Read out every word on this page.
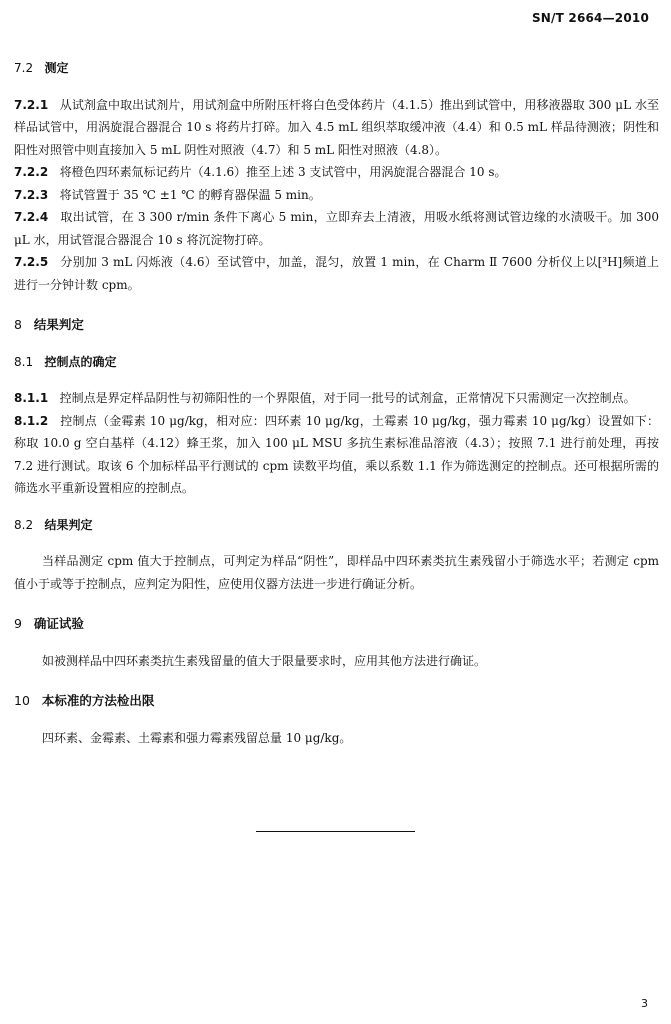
SN/T 2664—2010
7.2 测定

7.2.1 从试剂盒中取出试剂片，用试剂盒中所附压杆将白色受体药片（4.1.5）推出到试管中，用移液器取 300 μL 水至样品试管中，用涡旋混合器混合 10 s 将药片打碎。加入 4.5 mL 组织萃取缓冲液（4.4）和 0.5 mL 样品待测液；阴性和阳性对照管中则直接加入 5 mL 阴性对照液（4.7）和 5 mL 阳性对照液（4.8）。

7.2.2 将橙色四环素氚标记药片（4.1.6）推至上述 3 支试管中，用涡旋混合器混合 10 s。

7.2.3 将试管置于 35 ℃ ±1 ℃ 的孵育器保温 5 min。

7.2.4 取出试管，在 3 300 r/min 条件下离心 5 min，立即弃去上清液，用吸水纸将测试管边缘的水渍吸干。加 300 μL 水，用试管混合器混合 10 s 将沉淀物打碎。

7.2.5 分别加 3 mL 闪烁液（4.6）至试管中，加盖，混匀，放置 1 min，在 Charm Ⅱ 7600 分析仪上以[³H]频道上进行一分钟计数 cpm。

8 结果判定
8.1 控制点的确定

8.1.1 控制点是界定样品阴性与初筛阳性的一个界限值，对于同一批号的试剂盒，正常情况下只需测定一次控制点。

8.1.2 控制点（金霉素 10 μg/kg，相对应：四环素 10 μg/kg，土霉素 10 μg/kg，强力霉素 10 μg/kg）设置如下：称取 10.0 g 空白基样（4.12）蜂王浆，加入 100 μL MSU 多抗生素标准品溶液（4.3）；按照 7.1 进行前处理，再按 7.2 进行测试。取该 6 个加标样品平行测试的 cpm 读数平均值，乘以系数 1.1 作为筛选测定的控制点。还可根据所需的筛选水平重新设置相应的控制点。

8.2 结果判定

当样品测定 cpm 值大于控制点，可判定为样品“阴性”，即样品中四环素类抗生素残留小于筛选水平；若测定 cpm 值小于或等于控制点，应判定为阳性，应使用仪器方法进一步进行确证分析。

9 确证试验

如被测样品中四环素类抗生素残留量的值大于限量要求时，应用其他方法进行确证。

10 本标准的方法检出限

四环素、金霉素、土霉素和强力霉素残留总量 10 μg/kg。

3
